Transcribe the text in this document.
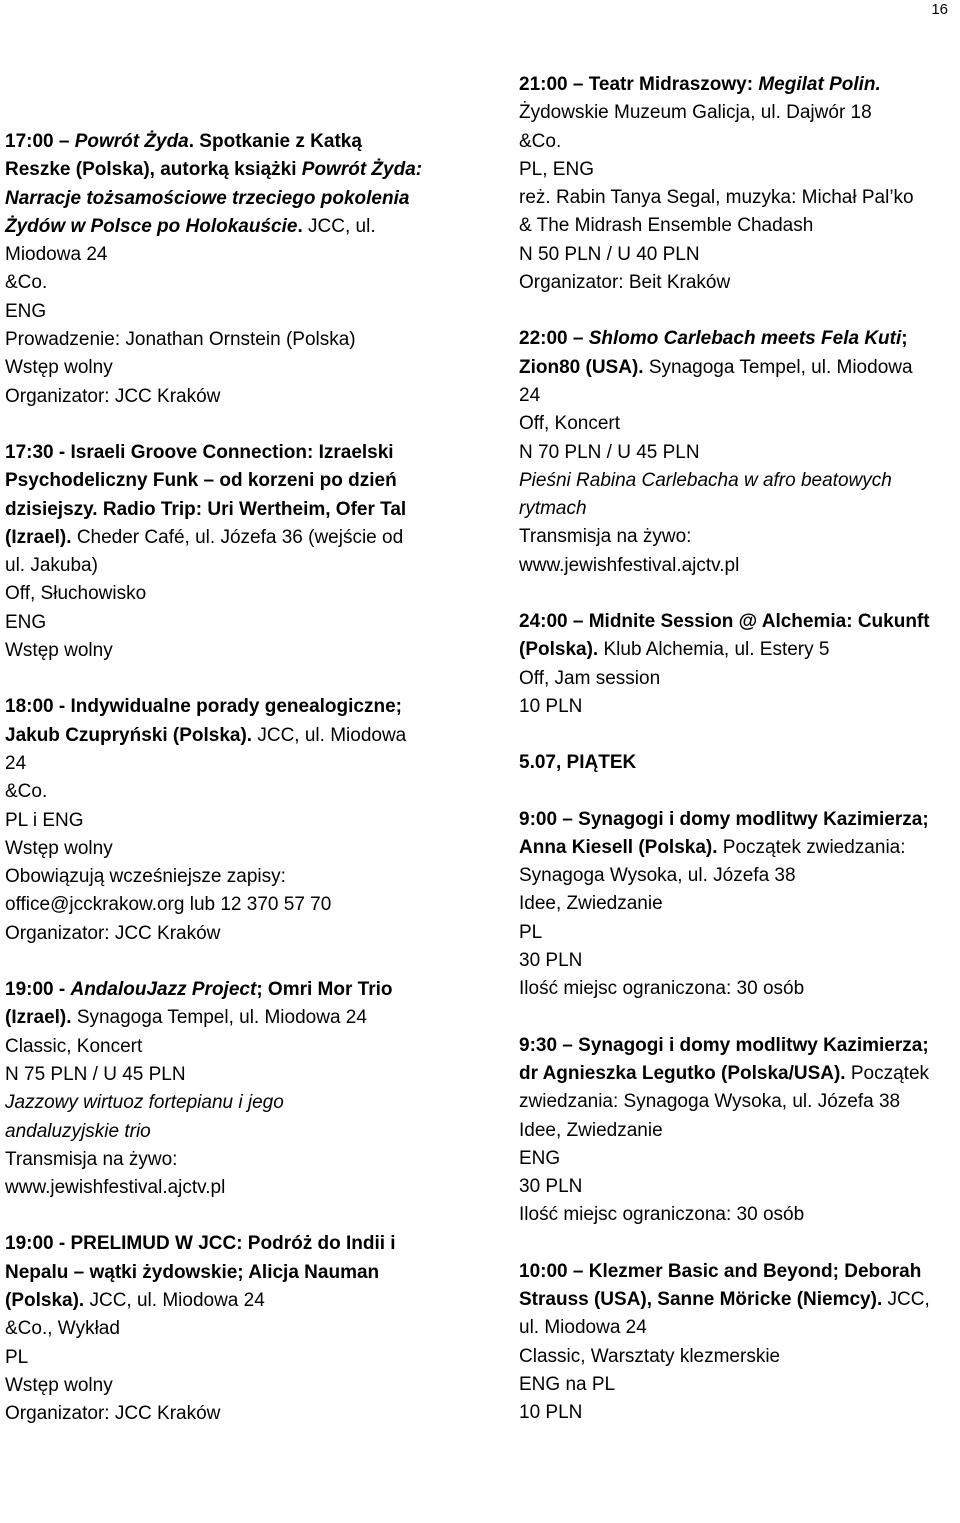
16

17:00 – Powrót Żyda. Spotkanie z Katką

Reszke (Polska), autorką książki Powrót Żyda:

Narracje tożsamościowe trzeciego pokolenia

Żydów w Polsce po Holokauście. JCC, ul.

Miodowa 24

&Co.

ENG

Prowadzenie: Jonathan Ornstein (Polska)

Wstęp wolny

Organizator: JCC Kraków

17:30 - Israeli Groove Connection: Izraelski

Psychodeliczny Funk – od korzeni po dzień

dzisiejszy. Radio Trip: Uri Wertheim, Ofer Tal

(Izrael). Cheder Café, ul. Józefa 36 (wejście od

ul. Jakuba)

Off, Słuchowisko

ENG

Wstęp wolny

18:00 - Indywidualne porady genealogiczne;

Jakub Czupryński (Polska). JCC, ul. Miodowa

24

&Co.

PL i ENG

Wstęp wolny

Obowiązują wcześniejsze zapisy:

office@jcckrakow.org lub 12 370 57 70

Organizator: JCC Kraków

19:00 - AndalouJazz Project; Omri Mor Trio

(Izrael). Synagoga Tempel, ul. Miodowa 24

Classic, Koncert

N 75 PLN / U 45 PLN

Jazzowy wirtuoz fortepianu i jego

andaluzyjskie trio

Transmisja na żywo:

www.jewishfestival.ajctv.pl

19:00 - PRELIMUD W JCC: Podróż do Indii i

Nepalu – wątki żydowskie; Alicja Nauman

(Polska). JCC, ul. Miodowa 24

&Co., Wykład

PL

Wstęp wolny

Organizator: JCC Kraków

21:00 – Teatr Midraszowy: Megilat Polin.

Żydowskie Muzeum Galicja, ul. Dajwór 18

&Co.

PL, ENG

reż. Rabin Tanya Segal, muzyka: Michał Pal’ko

& The Midrash Ensemble Chadash

N 50 PLN / U 40 PLN

Organizator: Beit Kraków

22:00 – Shlomo Carlebach meets Fela Kuti;

Zion80 (USA). Synagoga Tempel, ul. Miodowa

24

Off, Koncert

N 70 PLN / U 45 PLN

Pieśni Rabina Carlebacha w afro beatowych

rytmach

Transmisja na żywo:

www.jewishfestival.ajctv.pl

24:00 – Midnite Session @ Alchemia: Cukunft

(Polska). Klub Alchemia, ul. Estery 5

Off, Jam session

10 PLN

5.07, PIĄTEK

9:00 – Synagogi i domy modlitwy Kazimierza;

Anna Kiesell (Polska). Początek zwiedzania:

Synagoga Wysoka, ul. Józefa 38

Idee, Zwiedzanie

PL

30 PLN

Ilość miejsc ograniczona: 30 osób

9:30 – Synagogi i domy modlitwy Kazimierza;

dr Agnieszka Legutko (Polska/USA). Początek

zwiedzania: Synagoga Wysoka, ul. Józefa 38

Idee, Zwiedzanie

ENG

30 PLN

Ilość miejsc ograniczona: 30 osób

10:00 – Klezmer Basic and Beyond; Deborah

Strauss (USA), Sanne Möricke (Niemcy). JCC,

ul. Miodowa 24

Classic, Warsztaty klezmerskie

ENG na PL

10 PLN
